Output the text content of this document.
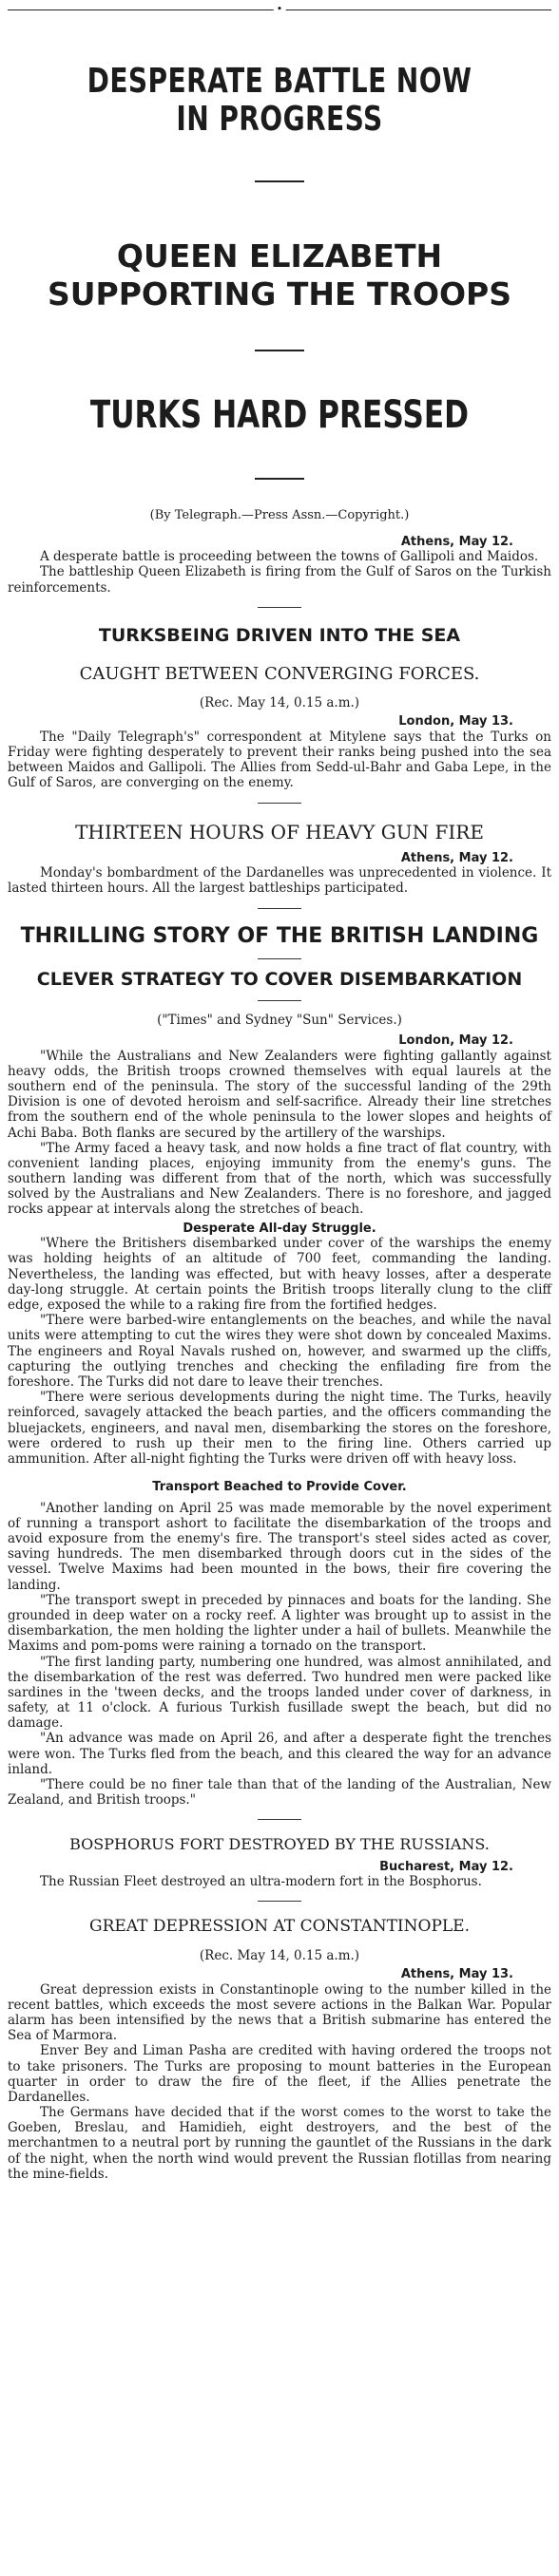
•
DESPERATE BATTLE NOW IN PROGRESS
QUEEN ELIZABETH SUPPORTING THE TROOPS
TURKS HARD PRESSED
(By Telegraph.—Press Assn.—Copyright.)
Athens, May 12.

A desperate battle is proceeding between the towns of Gallipoli and Maidos.

The battleship Queen Elizabeth is firing from the Gulf of Saros on the Turkish reinforcements.

TURKSBEING DRIVEN INTO THE SEA
CAUGHT BETWEEN CONVERGING FORCES.
(Rec. May 14, 0.15 a.m.)
London, May 13.

The "Daily Telegraph's" correspondent at Mitylene says that the Turks on Friday were fighting desperately to prevent their ranks being pushed into the sea between Maidos and Gallipoli. The Allies from Sedd-ul-Bahr and Gaba Lepe, in the Gulf of Saros, are converging on the enemy.

THIRTEEN HOURS OF HEAVY GUN FIRE
Athens, May 12.

Monday's bombardment of the Dardanelles was unprecedented in violence. It lasted thirteen hours. All the largest battleships participated.

THRILLING STORY OF THE BRITISH LANDING
CLEVER STRATEGY TO COVER DISEMBARKATION
("Times" and Sydney "Sun" Services.)
London, May 12.

"While the Australians and New Zealanders were fighting gallantly against heavy odds, the British troops crowned themselves with equal laurels at the southern end of the peninsula. The story of the successful landing of the 29th Division is one of devoted heroism and self-sacrifice. Already their line stretches from the southern end of the whole peninsula to the lower slopes and heights of Achi Baba. Both flanks are secured by the artillery of the warships.

"The Army faced a heavy task, and now holds a fine tract of flat country, with convenient landing places, enjoying immunity from the enemy's guns. The southern landing was different from that of the north, which was successfully solved by the Australians and New Zealanders. There is no foreshore, and jagged rocks appear at intervals along the stretches of beach.

Desperate All-day Struggle.

"Where the Britishers disembarked under cover of the warships the enemy was holding heights of an altitude of 700 feet, commanding the landing. Nevertheless, the landing was effected, but with heavy losses, after a desperate day-long struggle. At certain points the British troops literally clung to the cliff edge, exposed the while to a raking fire from the fortified hedges.

"There were barbed-wire entanglements on the beaches, and while the naval units were attempting to cut the wires they were shot down by concealed Maxims. The engineers and Royal Navals rushed on, however, and swarmed up the cliffs, capturing the outlying trenches and checking the enfilading fire from the foreshore. The Turks did not dare to leave their trenches.

"There were serious developments during the night time. The Turks, heavily reinforced, savagely attacked the beach parties, and the officers commanding the bluejackets, engineers, and naval men, disembarking the stores on the foreshore, were ordered to rush up their men to the firing line. Others carried up ammunition. After all-night fighting the Turks were driven off with heavy loss.

Transport Beached to Provide Cover.

"Another landing on April 25 was made memorable by the novel experiment of running a transport ashort to facilitate the disembarkation of the troops and avoid exposure from the enemy's fire. The transport's steel sides acted as cover, saving hundreds. The men disembarked through doors cut in the sides of the vessel. Twelve Maxims had been mounted in the bows, their fire covering the landing.

"The transport swept in preceded by pinnaces and boats for the landing. She grounded in deep water on a rocky reef. A lighter was brought up to assist in the disembarkation, the men holding the lighter under a hail of bullets. Meanwhile the Maxims and pom-poms were raining a tornado on the transport.

"The first landing party, numbering one hundred, was almost annihilated, and the disembarkation of the rest was deferred. Two hundred men were packed like sardines in the 'tween decks, and the troops landed under cover of darkness, in safety, at 11 o'clock. A furious Turkish fusillade swept the beach, but did no damage.

"An advance was made on April 26, and after a desperate fight the trenches were won. The Turks fled from the beach, and this cleared the way for an advance inland.

"There could be no finer tale than that of the landing of the Australian, New Zealand, and British troops."

BOSPHORUS FORT DESTROYED BY THE RUSSIANS.
Bucharest, May 12.

The Russian Fleet destroyed an ultra-modern fort in the Bosphorus.

GREAT DEPRESSION AT CONSTANTINOPLE.
(Rec. May 14, 0.15 a.m.)
Athens, May 13.

Great depression exists in Constantinople owing to the number killed in the recent battles, which exceeds the most severe actions in the Balkan War. Popular alarm has been intensified by the news that a British submarine has entered the Sea of Marmora.

Enver Bey and Liman Pasha are credited with having ordered the troops not to take prisoners. The Turks are proposing to mount batteries in the European quarter in order to draw the fire of the fleet, if the Allies penetrate the Dardanelles.

The Germans have decided that if the worst comes to the worst to take the Goeben, Breslau, and Hamidieh, eight destroyers, and the best of the merchantmen to a neutral port by running the gauntlet of the Russians in the dark of the night, when the north wind would prevent the Russian flotillas from nearing the mine-fields.
